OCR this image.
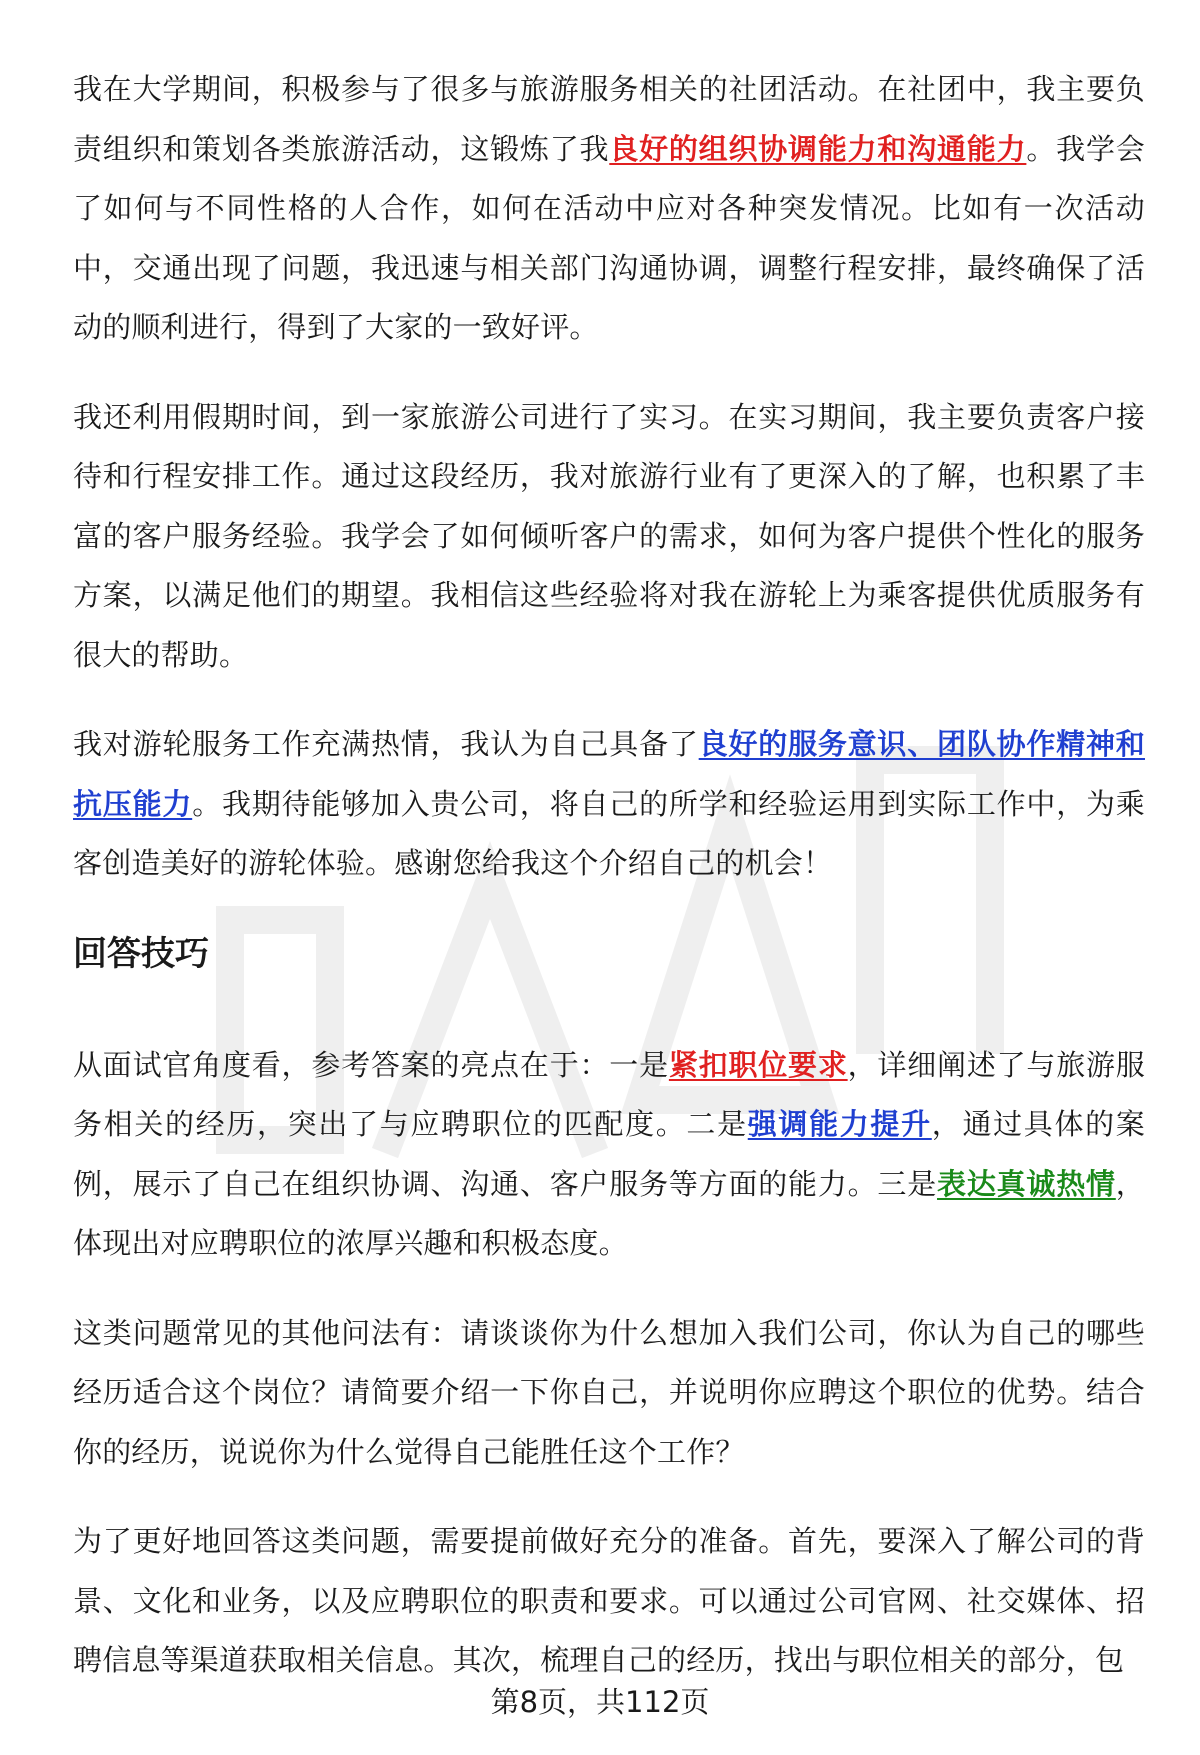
我在大学期间，积极参与了很多与旅游服务相关的社团活动。在社团中，我主要负责组织和策划各类旅游活动，这锻炼了我良好的组织协调能力和沟通能力。我学会了如何与不同性格的人合作，如何在活动中应对各种突发情况。比如有一次活动中，交通出现了问题，我迅速与相关部门沟通协调，调整行程安排，最终确保了活动的顺利进行，得到了大家的一致好评。

我还利用假期时间，到一家旅游公司进行了实习。在实习期间，我主要负责客户接待和行程安排工作。通过这段经历，我对旅游行业有了更深入的了解，也积累了丰富的客户服务经验。我学会了如何倾听客户的需求，如何为客户提供个性化的服务方案，以满足他们的期望。我相信这些经验将对我在游轮上为乘客提供优质服务有很大的帮助。

我对游轮服务工作充满热情，我认为自己具备了良好的服务意识、团队协作精神和抗压能力。我期待能够加入贵公司，将自己的所学和经验运用到实际工作中，为乘客创造美好的游轮体验。感谢您给我这个介绍自己的机会！

回答技巧

从面试官角度看，参考答案的亮点在于：一是紧扣职位要求，详细阐述了与旅游服务相关的经历，突出了与应聘职位的匹配度。二是强调能力提升，通过具体的案例，展示了自己在组织协调、沟通、客户服务等方面的能力。三是表达真诚热情，体现出对应聘职位的浓厚兴趣和积极态度。

这类问题常见的其他问法有：请谈谈你为什么想加入我们公司，你认为自己的哪些经历适合这个岗位？请简要介绍一下你自己，并说明你应聘这个职位的优势。结合你的经历，说说你为什么觉得自己能胜任这个工作？

为了更好地回答这类问题，需要提前做好充分的准备。首先，要深入了解公司的背景、文化和业务，以及应聘职位的职责和要求。可以通过公司官网、社交媒体、招聘信息等渠道获取相关信息。其次，梳理自己的经历，找出与职位相关的部分，包

第8页，共112页
